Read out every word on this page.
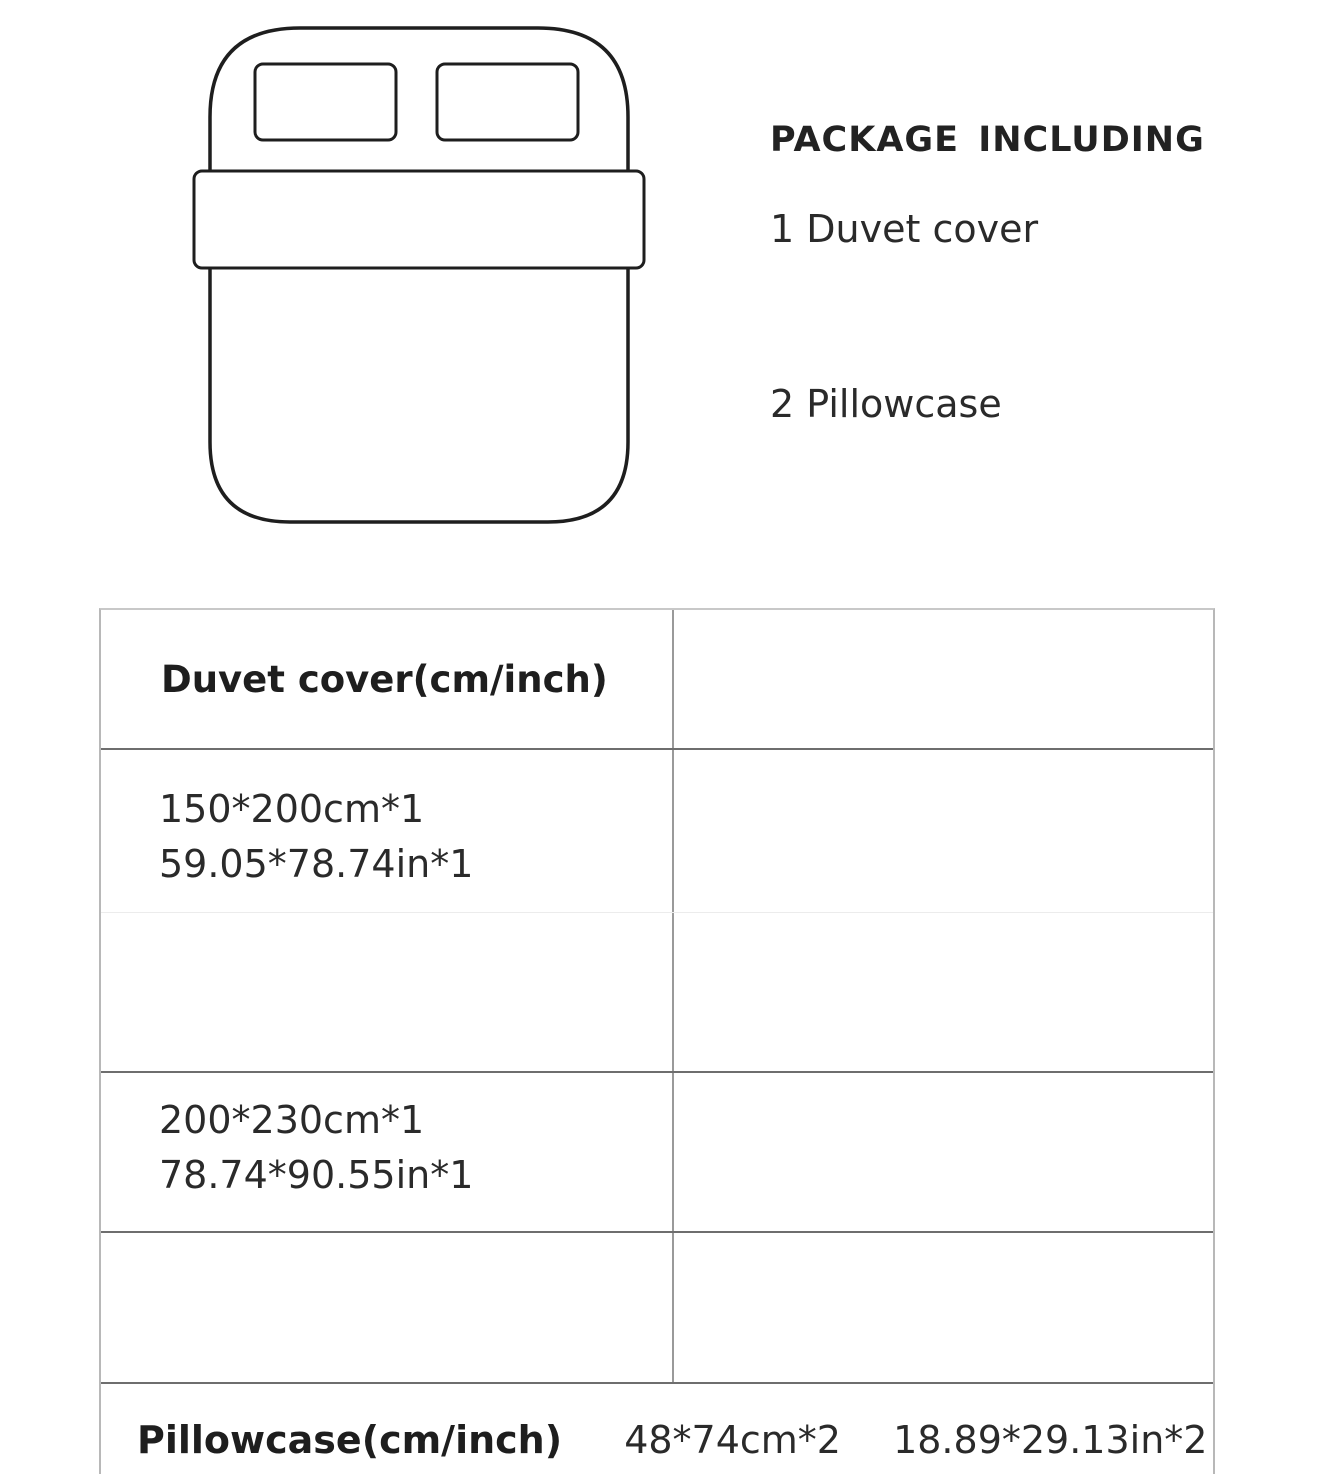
PACKAGE INCLUDING
1 Duvet cover
2 Pillowcase
Duvet cover(cm/inch)
150*200cm*1
59.05*78.74in*1
200*230cm*1
78.74*90.55in*1
Pillowcase(cm/inch) 48*74cm*2 18.89*29.13in*2
